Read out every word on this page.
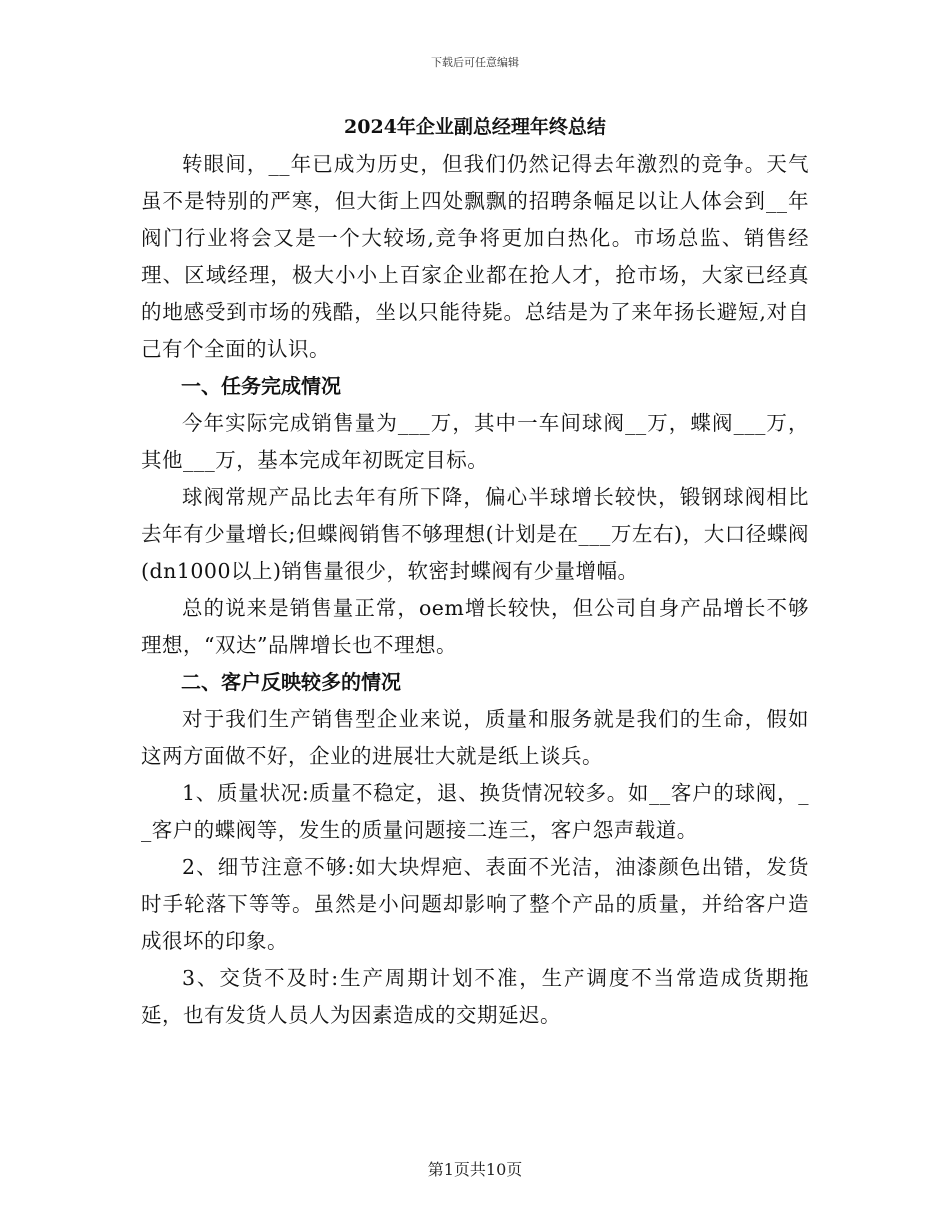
下载后可任意编辑
2024年企业副总经理年终总结

转眼间，__年已成为历史，但我们仍然记得去年激烈的竞争。天气虽不是特别的严寒，但大街上四处飘飘的招聘条幅足以让人体会到__年阀门行业将会又是一个大较场,竞争将更加白热化。市场总监、销售经理、区域经理，极大小小上百家企业都在抢人才，抢市场，大家已经真的地感受到市场的残酷，坐以只能待毙。总结是为了来年扬长避短,对自己有个全面的认识。

一、任务完成情况

今年实际完成销售量为___万，其中一车间球阀__万，蝶阀___万，其他___万，基本完成年初既定目标。

球阀常规产品比去年有所下降，偏心半球增长较快，锻钢球阀相比去年有少量增长;但蝶阀销售不够理想(计划是在___万左右)，大口径蝶阀(dn1000以上)销售量很少，软密封蝶阀有少量增幅。

总的说来是销售量正常，oem增长较快，但公司自身产品增长不够理想，“双达”品牌增长也不理想。

二、客户反映较多的情况

对于我们生产销售型企业来说，质量和服务就是我们的生命，假如这两方面做不好，企业的进展壮大就是纸上谈兵。

1、质量状况:质量不稳定，退、换货情况较多。如__客户的球阀，__客户的蝶阀等，发生的质量问题接二连三，客户怨声载道。

2、细节注意不够:如大块焊疤、表面不光洁，油漆颜色出错，发货时手轮落下等等。虽然是小问题却影响了整个产品的质量，并给客户造成很坏的印象。

3、交货不及时:生产周期计划不准，生产调度不当常造成货期拖延，也有发货人员人为因素造成的交期延迟。

第1页共10页
